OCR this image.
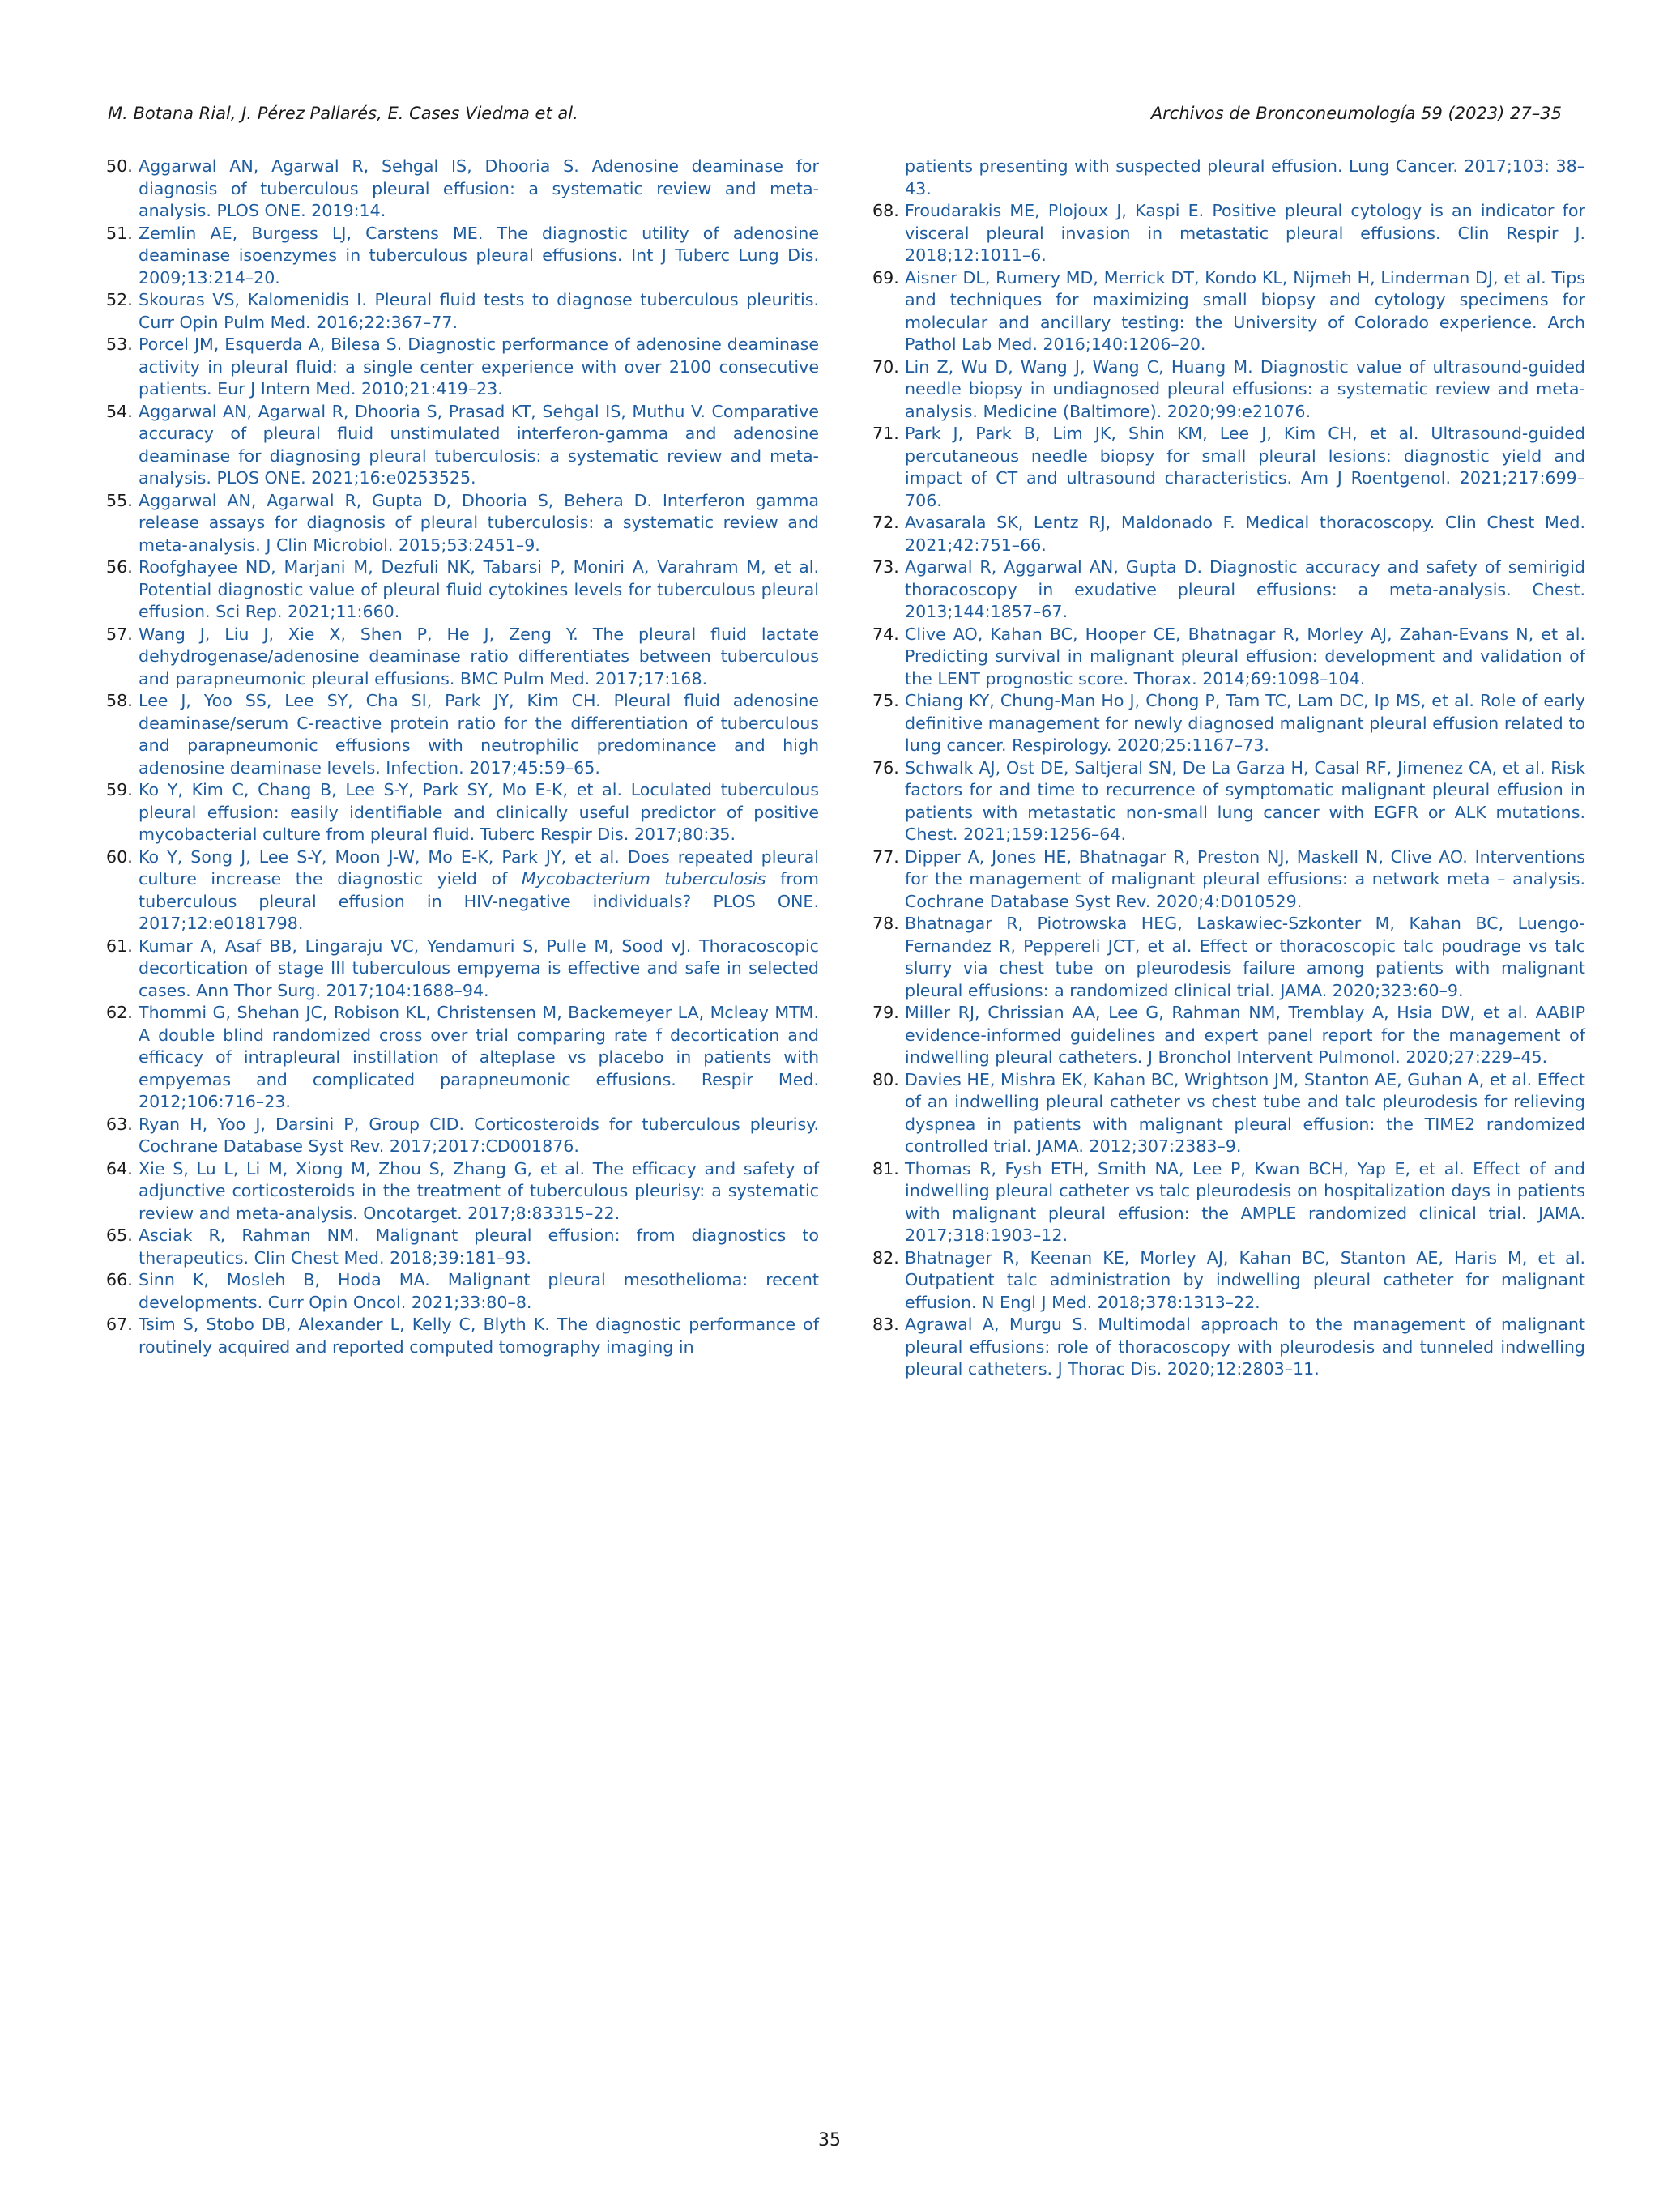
M. Botana Rial, J. Pérez Pallarés, E. Cases Viedma et al.	Archivos de Bronconeumología 59 (2023) 27–35
50. Aggarwal AN, Agarwal R, Sehgal IS, Dhooria S. Adenosine deaminase for diagnosis of tuberculous pleural effusion: a systematic review and meta-analysis. PLOS ONE. 2019:14.
51. Zemlin AE, Burgess LJ, Carstens ME. The diagnostic utility of adenosine deaminase isoenzymes in tuberculous pleural effusions. Int J Tuberc Lung Dis. 2009;13:214–20.
52. Skouras VS, Kalomenidis I. Pleural fluid tests to diagnose tuberculous pleuritis. Curr Opin Pulm Med. 2016;22:367–77.
53. Porcel JM, Esquerda A, Bilesa S. Diagnostic performance of adenosine deaminase activity in pleural fluid: a single center experience with over 2100 consecutive patients. Eur J Intern Med. 2010;21:419–23.
54. Aggarwal AN, Agarwal R, Dhooria S, Prasad KT, Sehgal IS, Muthu V. Comparative accuracy of pleural fluid unstimulated interferon-gamma and adenosine deaminase for diagnosing pleural tuberculosis: a systematic review and meta-analysis. PLOS ONE. 2021;16:e0253525.
55. Aggarwal AN, Agarwal R, Gupta D, Dhooria S, Behera D. Interferon gamma release assays for diagnosis of pleural tuberculosis: a systematic review and meta-analysis. J Clin Microbiol. 2015;53:2451–9.
56. Roofghayee ND, Marjani M, Dezfuli NK, Tabarsi P, Moniri A, Varahram M, et al. Potential diagnostic value of pleural fluid cytokines levels for tuberculous pleural effusion. Sci Rep. 2021;11:660.
57. Wang J, Liu J, Xie X, Shen P, He J, Zeng Y. The pleural fluid lactate dehydrogenase/adenosine deaminase ratio differentiates between tuberculous and parapneumonic pleural effusions. BMC Pulm Med. 2017;17:168.
58. Lee J, Yoo SS, Lee SY, Cha SI, Park JY, Kim CH. Pleural fluid adenosine deaminase/serum C-reactive protein ratio for the differentiation of tuberculous and parapneumonic effusions with neutrophilic predominance and high adenosine deaminase levels. Infection. 2017;45:59–65.
59. Ko Y, Kim C, Chang B, Lee S-Y, Park SY, Mo E-K, et al. Loculated tuberculous pleural effusion: easily identifiable and clinically useful predictor of positive mycobacterial culture from pleural fluid. Tuberc Respir Dis. 2017;80:35.
60. Ko Y, Song J, Lee S-Y, Moon J-W, Mo E-K, Park JY, et al. Does repeated pleural culture increase the diagnostic yield of Mycobacterium tuberculosis from tuberculous pleural effusion in HIV-negative individuals? PLOS ONE. 2017;12:e0181798.
61. Kumar A, Asaf BB, Lingaraju VC, Yendamuri S, Pulle M, Sood vJ. Thoracoscopic decortication of stage III tuberculous empyema is effective and safe in selected cases. Ann Thor Surg. 2017;104:1688–94.
62. Thommi G, Shehan JC, Robison KL, Christensen M, Backemeyer LA, Mcleay MTM. A double blind randomized cross over trial comparing rate f decortication and efficacy of intrapleural instillation of alteplase vs placebo in patients with empyemas and complicated parapneumonic effusions. Respir Med. 2012;106:716–23.
63. Ryan H, Yoo J, Darsini P, Group CID. Corticosteroids for tuberculous pleurisy. Cochrane Database Syst Rev. 2017;2017:CD001876.
64. Xie S, Lu L, Li M, Xiong M, Zhou S, Zhang G, et al. The efficacy and safety of adjunctive corticosteroids in the treatment of tuberculous pleurisy: a systematic review and meta-analysis. Oncotarget. 2017;8:83315–22.
65. Asciak R, Rahman NM. Malignant pleural effusion: from diagnostics to therapeutics. Clin Chest Med. 2018;39:181–93.
66. Sinn K, Mosleh B, Hoda MA. Malignant pleural mesothelioma: recent developments. Curr Opin Oncol. 2021;33:80–8.
67. Tsim S, Stobo DB, Alexander L, Kelly C, Blyth K. The diagnostic performance of routinely acquired and reported computed tomography imaging in
patients presenting with suspected pleural effusion. Lung Cancer. 2017;103: 38–43.
68. Froudarakis ME, Plojoux J, Kaspi E. Positive pleural cytology is an indicator for visceral pleural invasion in metastatic pleural effusions. Clin Respir J. 2018;12:1011–6.
69. Aisner DL, Rumery MD, Merrick DT, Kondo KL, Nijmeh H, Linderman DJ, et al. Tips and techniques for maximizing small biopsy and cytology specimens for molecular and ancillary testing: the University of Colorado experience. Arch Pathol Lab Med. 2016;140:1206–20.
70. Lin Z, Wu D, Wang J, Wang C, Huang M. Diagnostic value of ultrasound-guided needle biopsy in undiagnosed pleural effusions: a systematic review and meta-analysis. Medicine (Baltimore). 2020;99:e21076.
71. Park J, Park B, Lim JK, Shin KM, Lee J, Kim CH, et al. Ultrasound-guided percutaneous needle biopsy for small pleural lesions: diagnostic yield and impact of CT and ultrasound characteristics. Am J Roentgenol. 2021;217:699–706.
72. Avasarala SK, Lentz RJ, Maldonado F. Medical thoracoscopy. Clin Chest Med. 2021;42:751–66.
73. Agarwal R, Aggarwal AN, Gupta D. Diagnostic accuracy and safety of semirigid thoracoscopy in exudative pleural effusions: a meta-analysis. Chest. 2013;144:1857–67.
74. Clive AO, Kahan BC, Hooper CE, Bhatnagar R, Morley AJ, Zahan-Evans N, et al. Predicting survival in malignant pleural effusion: development and validation of the LENT prognostic score. Thorax. 2014;69:1098–104.
75. Chiang KY, Chung-Man Ho J, Chong P, Tam TC, Lam DC, Ip MS, et al. Role of early definitive management for newly diagnosed malignant pleural effusion related to lung cancer. Respirology. 2020;25:1167–73.
76. Schwalk AJ, Ost DE, Saltjeral SN, De La Garza H, Casal RF, Jimenez CA, et al. Risk factors for and time to recurrence of symptomatic malignant pleural effusion in patients with metastatic non-small lung cancer with EGFR or ALK mutations. Chest. 2021;159:1256–64.
77. Dipper A, Jones HE, Bhatnagar R, Preston NJ, Maskell N, Clive AO. Interventions for the management of malignant pleural effusions: a network meta – analysis. Cochrane Database Syst Rev. 2020;4:D010529.
78. Bhatnagar R, Piotrowska HEG, Laskawiec-Szkonter M, Kahan BC, Luengo- Fernandez R, Peppereli JCT, et al. Effect or thoracoscopic talc poudrage vs talc slurry via chest tube on pleurodesis failure among patients with malignant pleural effusions: a randomized clinical trial. JAMA. 2020;323:60–9.
79. Miller RJ, Chrissian AA, Lee G, Rahman NM, Tremblay A, Hsia DW, et al. AABIP evidence-informed guidelines and expert panel report for the management of indwelling pleural catheters. J Bronchol Intervent Pulmonol. 2020;27:229–45.
80. Davies HE, Mishra EK, Kahan BC, Wrightson JM, Stanton AE, Guhan A, et al. Effect of an indwelling pleural catheter vs chest tube and talc pleurodesis for relieving dyspnea in patients with malignant pleural effusion: the TIME2 randomized controlled trial. JAMA. 2012;307:2383–9.
81. Thomas R, Fysh ETH, Smith NA, Lee P, Kwan BCH, Yap E, et al. Effect of and indwelling pleural catheter vs talc pleurodesis on hospitalization days in patients with malignant pleural effusion: the AMPLE randomized clinical trial. JAMA. 2017;318:1903–12.
82. Bhatnager R, Keenan KE, Morley AJ, Kahan BC, Stanton AE, Haris M, et al. Outpatient talc administration by indwelling pleural catheter for malignant effusion. N Engl J Med. 2018;378:1313–22.
83. Agrawal A, Murgu S. Multimodal approach to the management of malignant pleural effusions: role of thoracoscopy with pleurodesis and tunneled indwelling pleural catheters. J Thorac Dis. 2020;12:2803–11.
35
